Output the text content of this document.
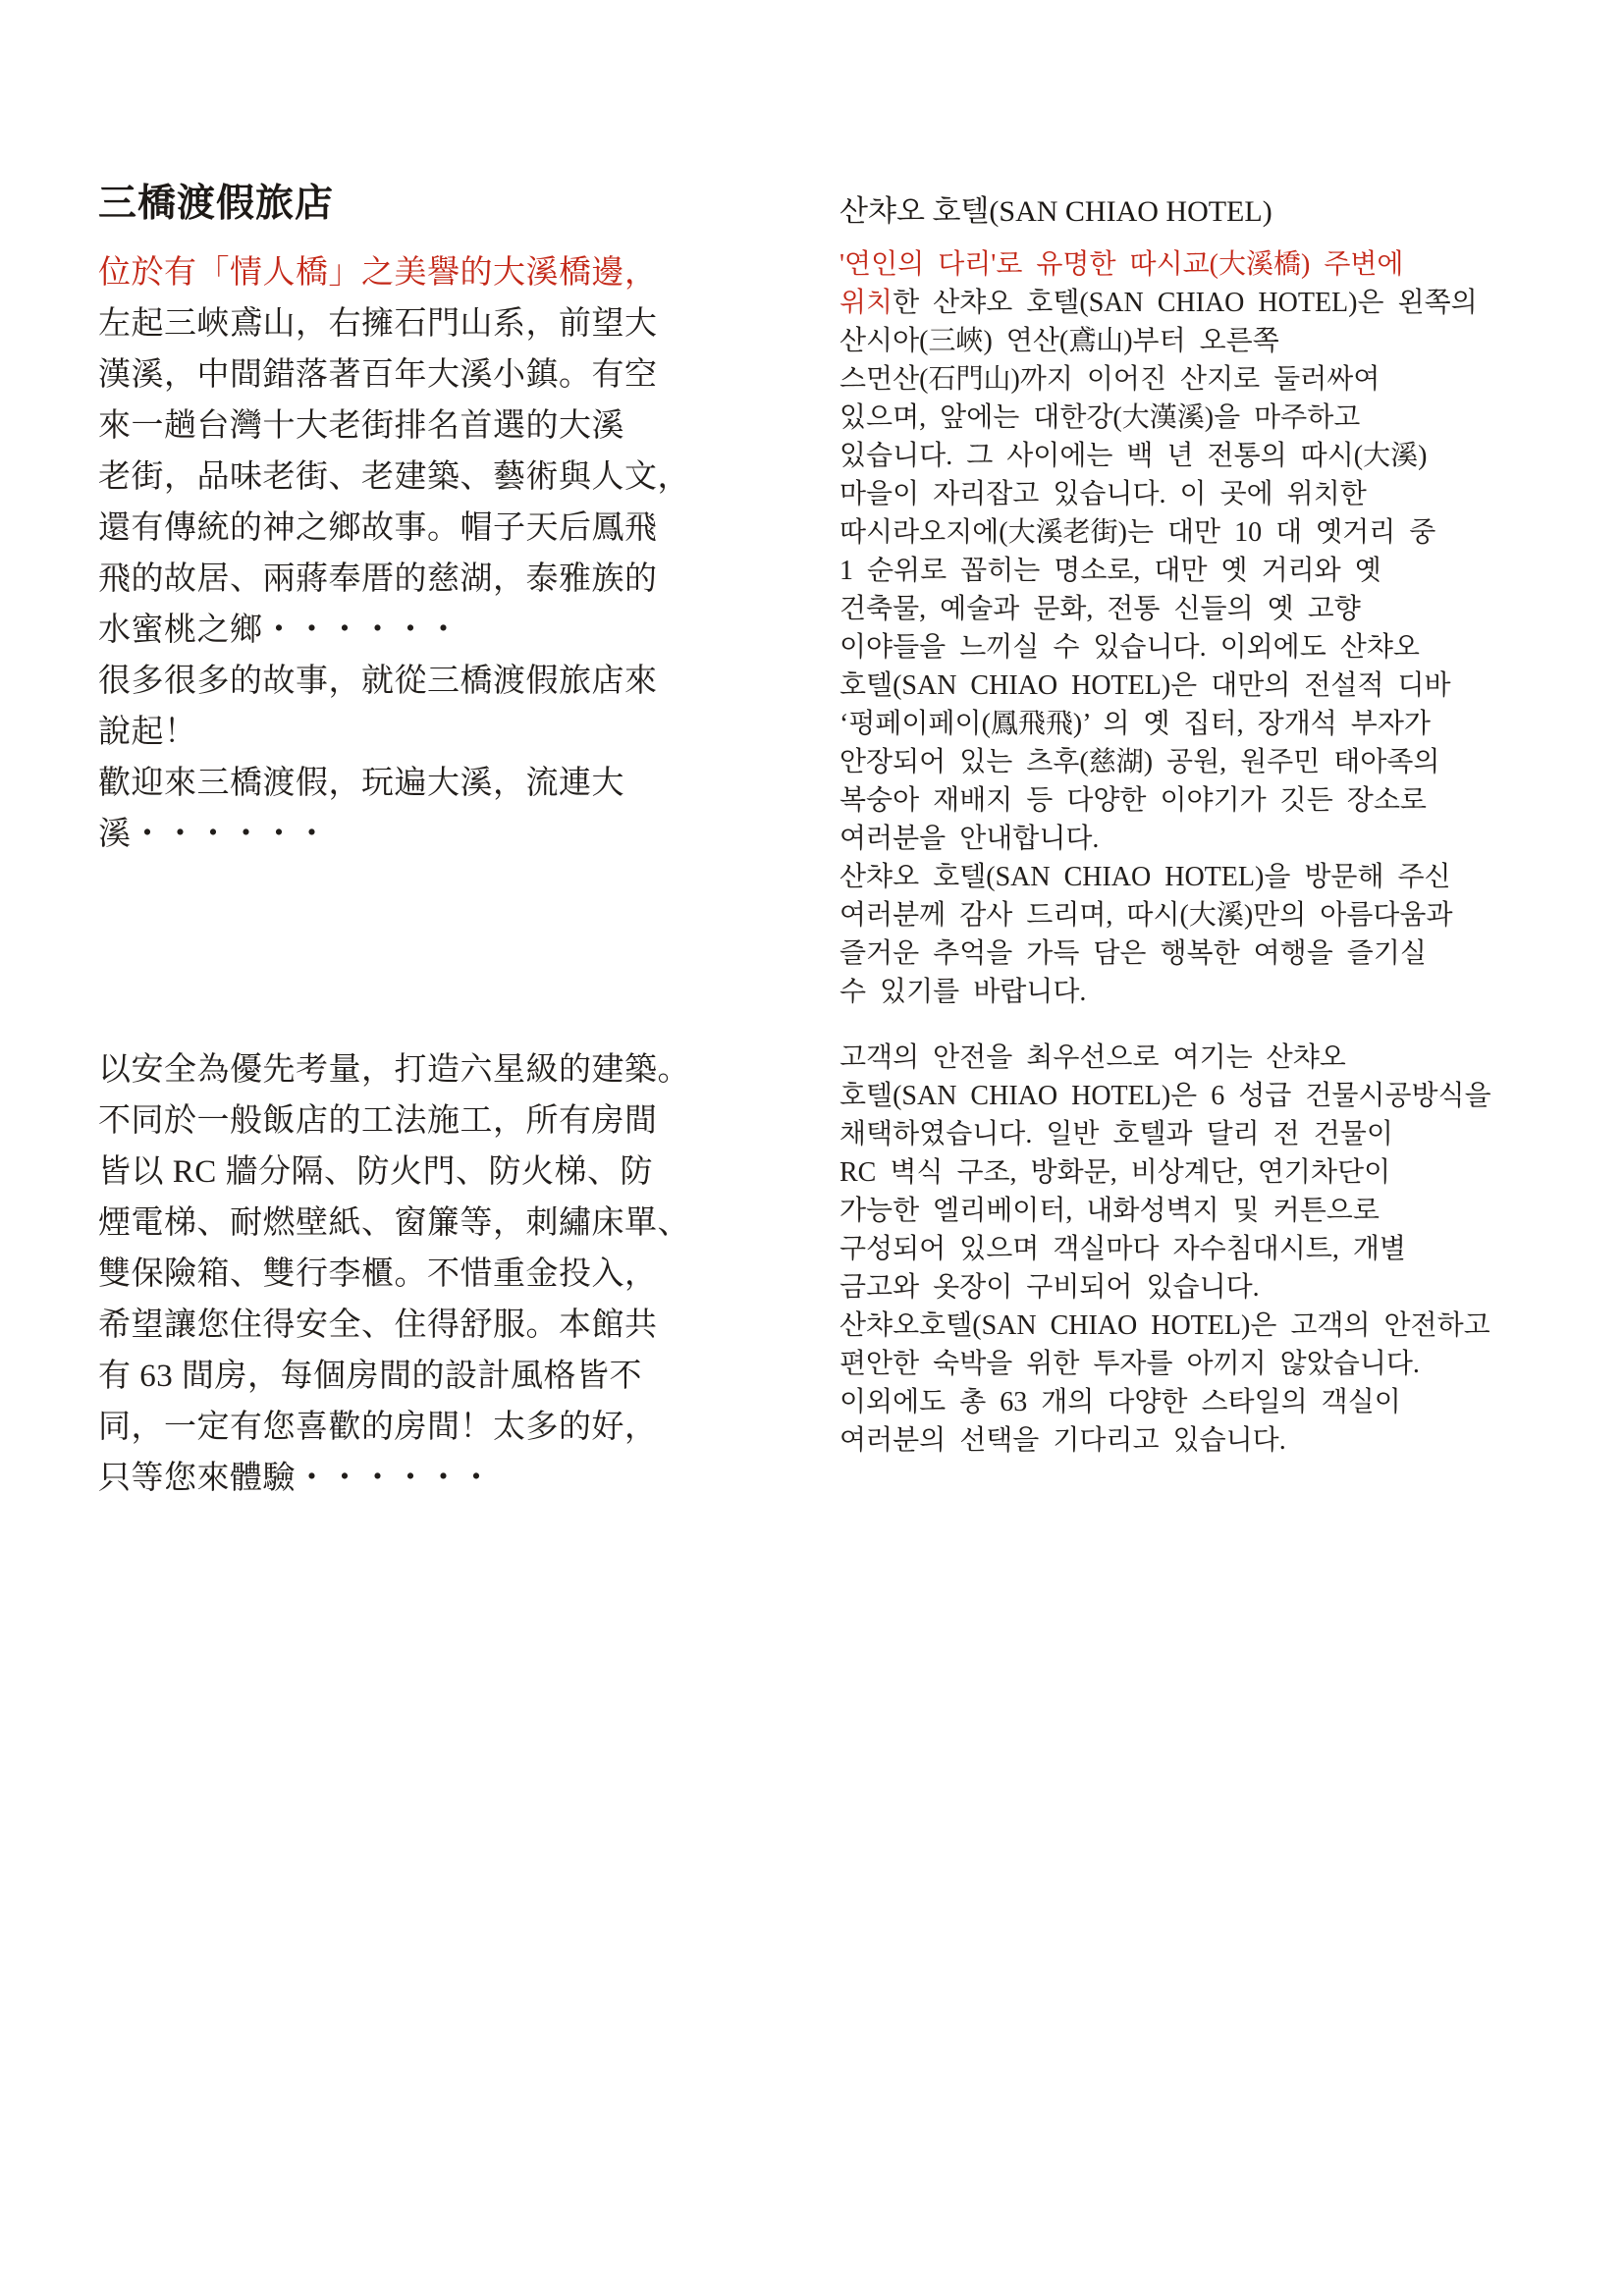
三橋渡假旅店
位於有「情人橋」之美譽的大溪橋邊，
左起三峽鳶山，右擁石門山系，前望大
漢溪，中間錯落著百年大溪小鎮。有空
來一趟台灣十大老街排名首選的大溪
老街，品味老街、老建築、藝術與人文，
還有傳統的神之鄉故事。帽子天后鳳飛
飛的故居、兩蔣奉厝的慈湖，泰雅族的
水蜜桃之鄉・・・・・・
很多很多的故事，就從三橋渡假旅店來
說起！
歡迎來三橋渡假，玩遍大溪，流連大
溪・・・・・・
以安全為優先考量，打造六星級的建築。
不同於一般飯店的工法施工，所有房間
皆以 RC 牆分隔、防火門、防火梯、防
煙電梯、耐燃壁紙、窗簾等，刺繡床單、
雙保險箱、雙行李櫃。不惜重金投入，
希望讓您住得安全、住得舒服。本館共
有 63 間房，每個房間的設計風格皆不
同，一定有您喜歡的房間！太多的好，
只等您來體驗・・・・・・
산챠오 호텔(SAN CHIAO HOTEL)
'연인의 다리'로 유명한 따시교(大溪橋) 주변에
위치한 산챠오 호텔(SAN CHIAO HOTEL)은 왼쪽의
산시아(三峽) 연산(鳶山)부터 오른쪽
스먼산(石門山)까지 이어진 산지로 둘러싸여
있으며, 앞에는 대한강(大漢溪)을 마주하고
있습니다. 그 사이에는 백 년 전통의 따시(大溪)
마을이 자리잡고 있습니다. 이 곳에 위치한
따시라오지에(大溪老街)는 대만 10 대 옛거리 중
1 순위로 꼽히는 명소로, 대만 옛 거리와 옛
건축물, 예술과 문화, 전통 신들의 옛 고향
이야들을 느끼실 수 있습니다. 이외에도 산챠오
호텔(SAN CHIAO HOTEL)은 대만의 전설적 디바
‘펑페이페이(鳳飛飛)’ 의 옛 집터, 장개석 부자가
안장되어 있는 츠후(慈湖) 공원, 원주민 태아족의
복숭아 재배지 등 다양한 이야기가 깃든 장소로
여러분을 안내합니다.
산챠오 호텔(SAN CHIAO HOTEL)을 방문해 주신
여러분께 감사 드리며, 따시(大溪)만의 아름다움과
즐거운 추억을 가득 담은 행복한 여행을 즐기실
수 있기를 바랍니다.
고객의 안전을 최우선으로 여기는 산챠오
호텔(SAN CHIAO HOTEL)은 6 성급 건물시공방식을
채택하였습니다. 일반 호텔과 달리 전 건물이
RC 벽식 구조, 방화문, 비상계단, 연기차단이
가능한 엘리베이터, 내화성벽지 및 커튼으로
구성되어 있으며 객실마다 자수침대시트, 개별
금고와 옷장이 구비되어 있습니다.
산챠오호텔(SAN CHIAO HOTEL)은 고객의 안전하고
편안한 숙박을 위한 투자를 아끼지 않았습니다.
이외에도 총 63 개의 다양한 스타일의 객실이
여러분의 선택을 기다리고 있습니다.
